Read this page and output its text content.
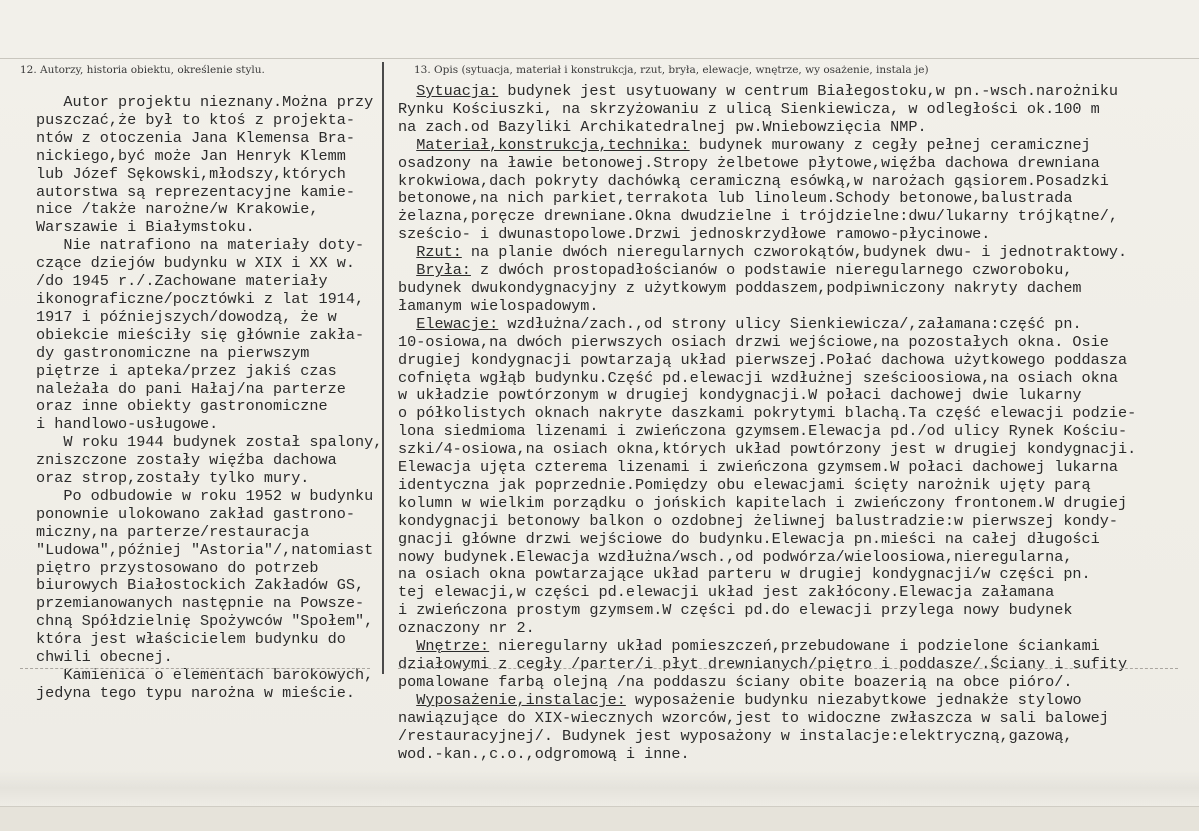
12. Autorzy, historia obiektu, określenie stylu.	13. Opis (sytuacja, materiał i konstrukcja, rzut, bryła, elewacje, wnętrze, wy osażenie, instala je)

Autor projektu nieznany.Można przy
puszczać,że był to ktoś z projekta-
ntów z otoczenia Jana Klemensa Bra-
nickiego,być może Jan Henryk Klemm
lub Józef Sękowski,młodszy,których
autorstwa są reprezentacyjne kamie-
nice /także narożne/w Krakowie,
Warszawie i Białymstoku.
Nie natrafiono na materiały doty-
czące dziejów budynku w XIX i XX w.
/do 1945 r./.Zachowane materiały
ikonograficzne/pocztówki z lat 1914,
1917 i późniejszych/dowodzą, że w
obiekcie mieściły się głównie zakła-
dy gastronomiczne na pierwszym
piętrze i apteka/przez jakiś czas
należała do pani Hałaj/na parterze
oraz inne obiekty gastronomiczne
i handlowo-usługowe.
W roku 1944 budynek został spalony,
zniszczone zostały więźba dachowa
oraz strop,zostały tylko mury.
Po odbudowie w roku 1952 w budynku
ponownie ulokowano zakład gastrono-
miczny,na parterze/restauracja
"Ludowa",później "Astoria"/,natomiast
piętro przystosowano do potrzeb
biurowych Białostockich Zakładów GS,
przemianowanych następnie na Powsze-
chną Spółdzielnię Spożywców "Społem",
która jest właścicielem budynku do
chwili obecnej.
Kamienica o elementach barokowych,
jedyna tego typu narożna w mieście.
Sytuacja: budynek jest usytuowany w centrum Białegostoku,w pn.-wsch.narożniku
Rynku Kościuszki, na skrzyżowaniu z ulicą Sienkiewicza, w odległości ok.100 m
na zach.od Bazyliki Archikatedralnej pw.Wniebowzięcia NMP.
Materiał,konstrukcja,technika: budynek murowany z cegły pełnej ceramicznej
osadzony na ławie betonowej.Stropy żelbetowe płytowe,więźba dachowa drewniana
krokwiowa,dach pokryty dachówką ceramiczną esówką,w narożach gąsiorem.Posadzki
betonowe,na nich parkiet,terrakota lub linoleum.Schody betonowe,balustrada
żelazna,poręcze drewniane.Okna dwudzielne i trójdzielne:dwu/lukarny trójkątne/,
sześcio- i dwunastopolowe.Drzwi jednoskrzydłowe ramowo-płycinowe.
Rzut: na planie dwóch nieregularnych czworokątów,budynek dwu- i jednotraktowy.
Bryła: z dwóch prostopadłościanów o podstawie nieregularnego czworoboku,
budynek dwukondygnacyjny z użytkowym poddaszem,podpiwniczony nakryty dachem
łamanym wielospadowym.
Elewacje: wzdłużna/zach.,od strony ulicy Sienkiewicza/,załamana:część pn.
10-osiowa,na dwóch pierwszych osiach drzwi wejściowe,na pozostałych okna. Osie
drugiej kondygnacji powtarzają układ pierwszej.Połać dachowa użytkowego poddasza
cofnięta wgłąb budynku.Część pd.elewacji wzdłużnej sześcioosiowa,na osiach okna
w układzie powtórzonym w drugiej kondygnacji.W połaci dachowej dwie lukarny
o półkolistych oknach nakryte daszkami pokrytymi blachą.Ta część elewacji podzie-
lona siedmioma lizenami i zwieńczona gzymsem.Elewacja pd./od ulicy Rynek Kościu-
szki/4-osiowa,na osiach okna,których układ powtórzony jest w drugiej kondygnacji.
Elewacja ujęta czterema lizenami i zwieńczona gzymsem.W połaci dachowej lukarna
identyczna jak poprzednie.Pomiędzy obu elewacjami ścięty narożnik ujęty parą
kolumn w wielkim porządku o jońskich kapitelach i zwieńczony frontonem.W drugiej
kondygnacji betonowy balkon o ozdobnej żeliwnej balustradzie:w pierwszej kondy-
gnacji główne drzwi wejściowe do budynku.Elewacja pn.mieści na całej długości
nowy budynek.Elewacja wzdłużna/wsch.,od podwórza/wieloosiowa,nieregularna,
na osiach okna powtarzające układ parteru w drugiej kondygnacji/w części pn.
tej elewacji,w części pd.elewacji układ jest zakłócony.Elewacja załamana
i zwieńczona prostym gzymsem.W części pd.do elewacji przylega nowy budynek
oznaczony nr 2.
Wnętrze: nieregularny układ pomieszczeń,przebudowane i podzielone ściankami
działowymi z cegły /parter/i płyt drewnianych/piętro i poddasze/.Ściany i sufity
pomalowane farbą olejną /na poddaszu ściany obite boazerią na obce pióro/.
Wyposażenie,instalacje: wyposażenie budynku niezabytkowe jednakże stylowo
nawiązujące do XIX-wiecznych wzorców,jest to widoczne zwłaszcza w sali balowej
/restauracyjnej/. Budynek jest wyposażony w instalacje:elektryczną,gazową,
wod.-kan.,c.o.,odgromową i inne.
